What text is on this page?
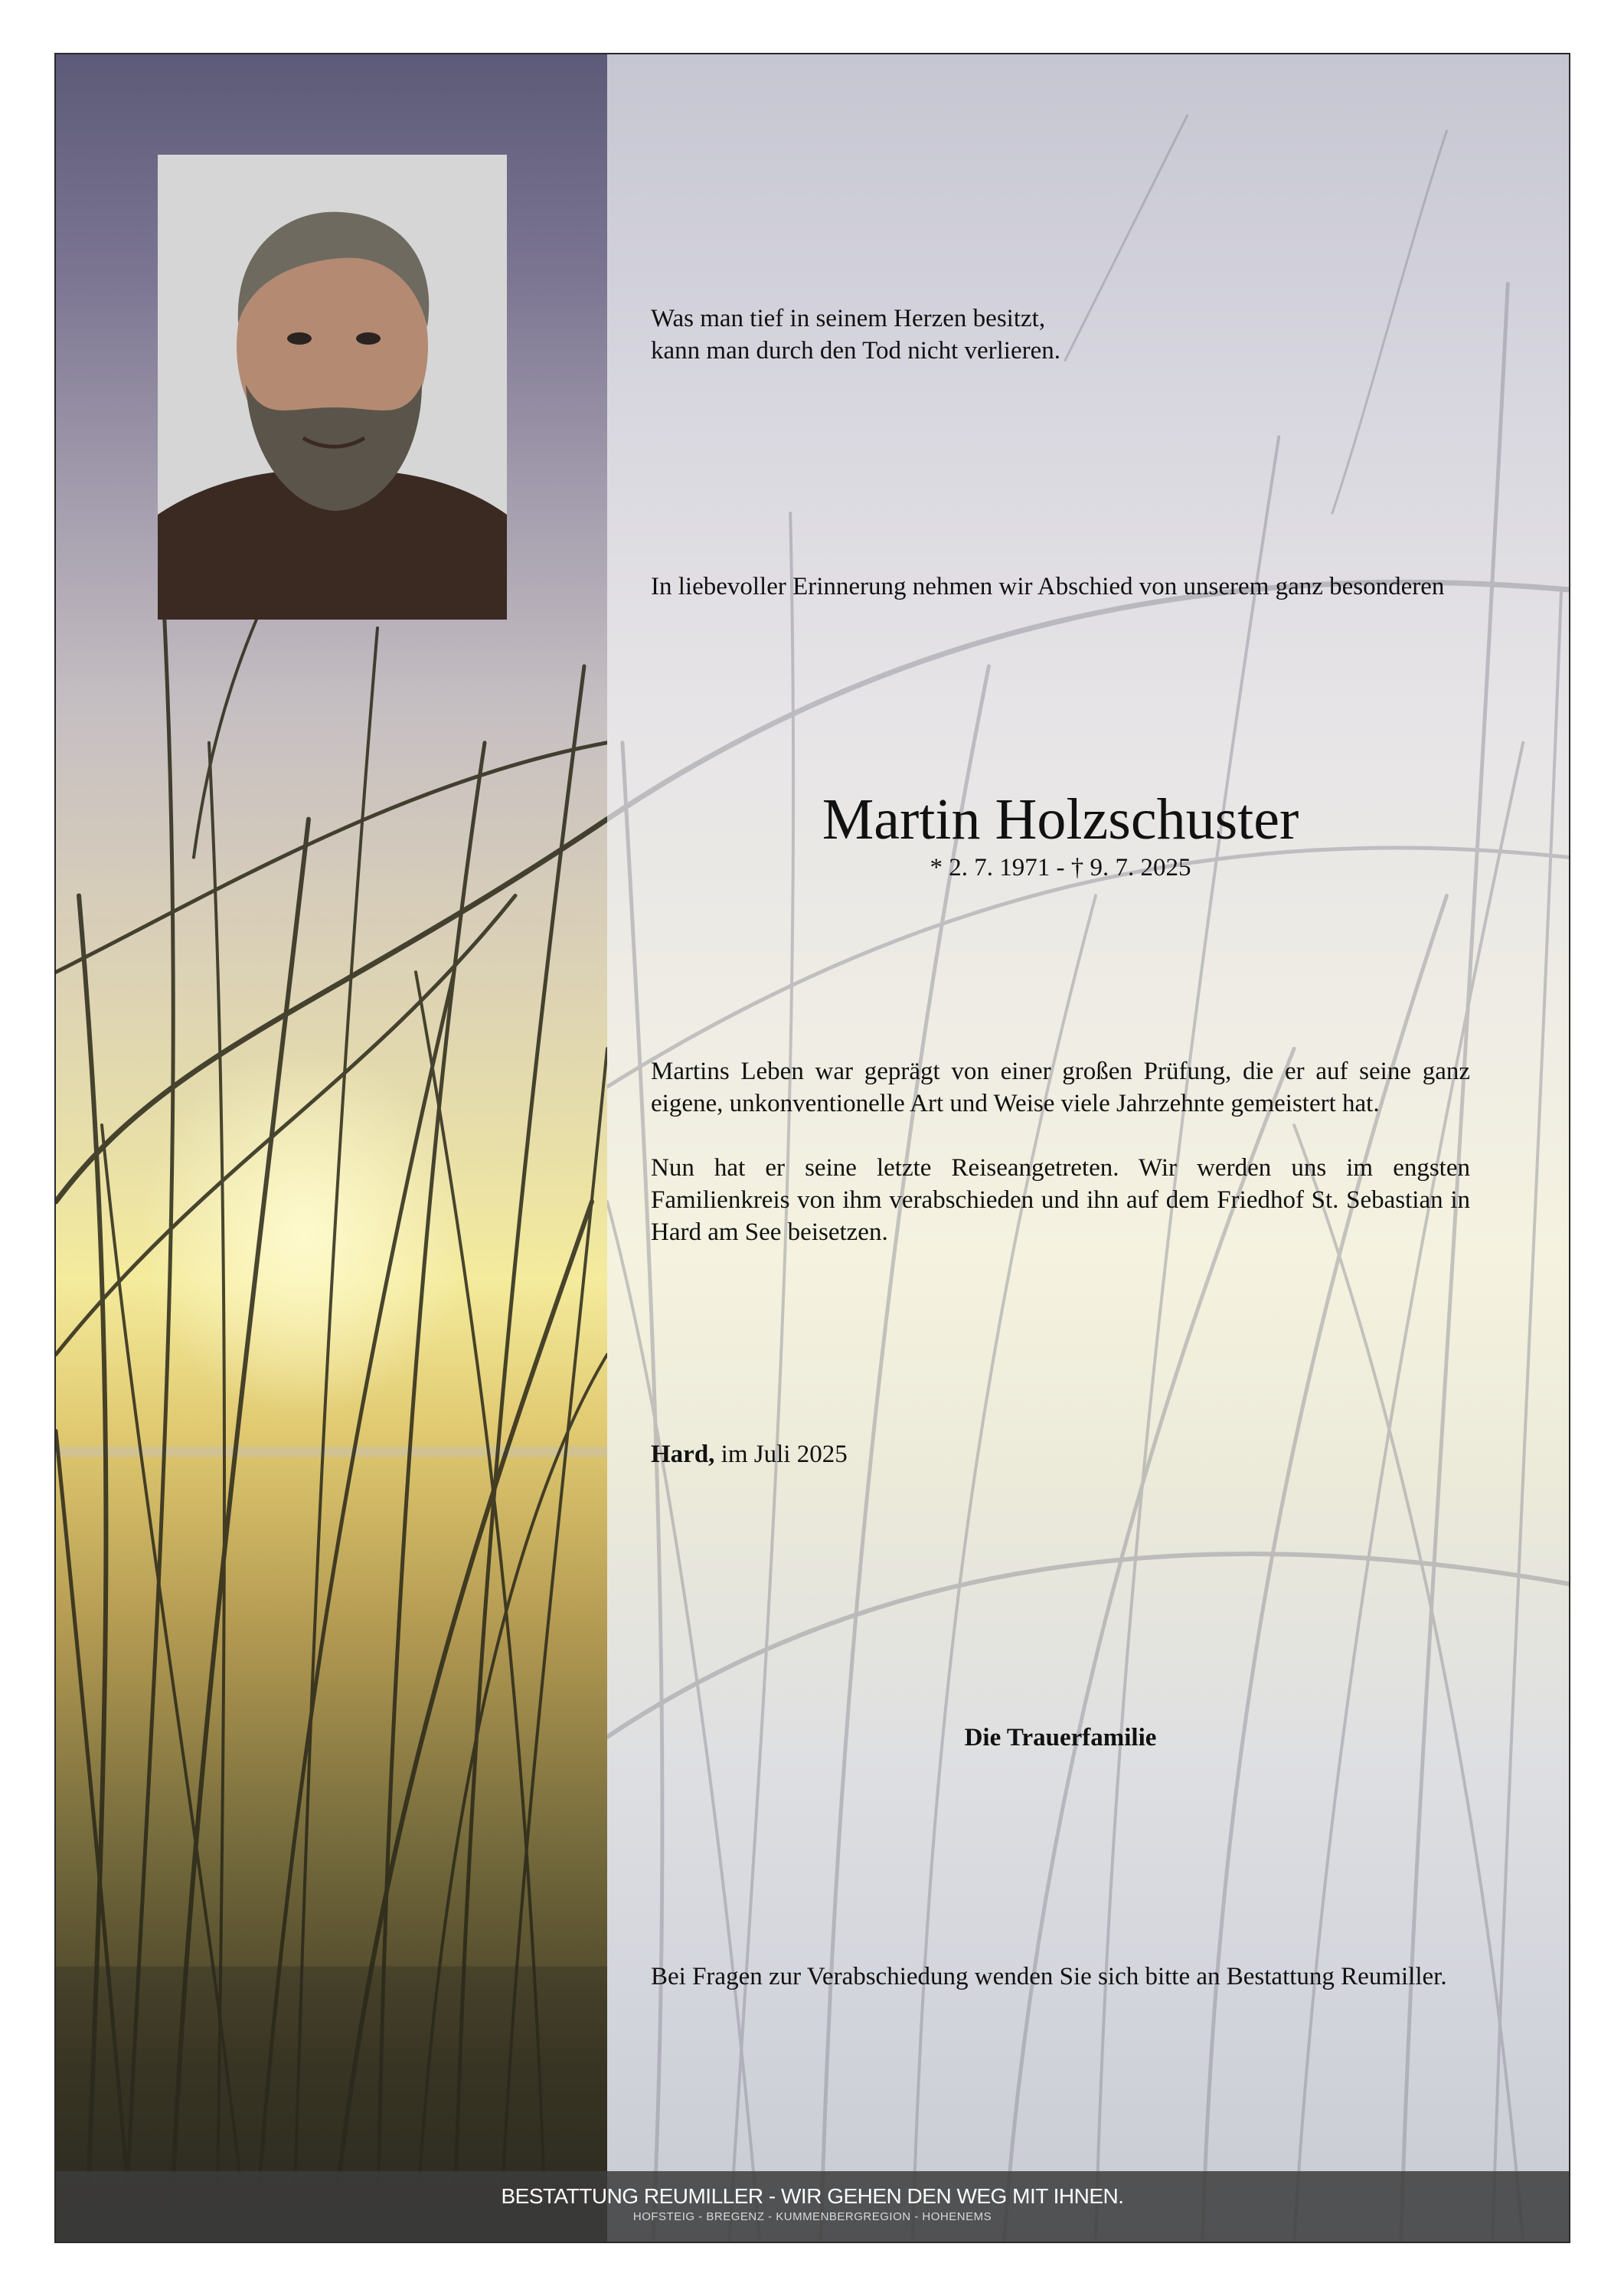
BESTATTUNG REUMILLER - WIR GEHEN DEN WEG MIT IHNEN.
HOFSTEIG - BREGENZ - KUMMENBERGREGION - HOHENEMS
Was man tief in seinem Herzen besitzt,
kann man durch den Tod nicht verlieren.
In liebevoller Erinnerung nehmen wir Abschied von unserem ganz besonderen
Martin Holzschuster
* 2. 7. 1971 - † 9. 7. 2025

Martins Leben war geprägt von einer großen Prüfung, die er auf seine ganz eigene, unkonventionelle Art und Weise viele Jahrzehnte gemeistert hat.

Nun hat er seine letzte Reiseangetreten. Wir werden uns im engsten Familienkreis von ihm verabschieden und ihn auf dem Friedhof St. Sebastian in Hard am See beisetzen.

Hard, im Juli 2025
Die Trauerfamilie
Bei Fragen zur Verabschiedung wenden Sie sich bitte an Bestattung Reumiller.
